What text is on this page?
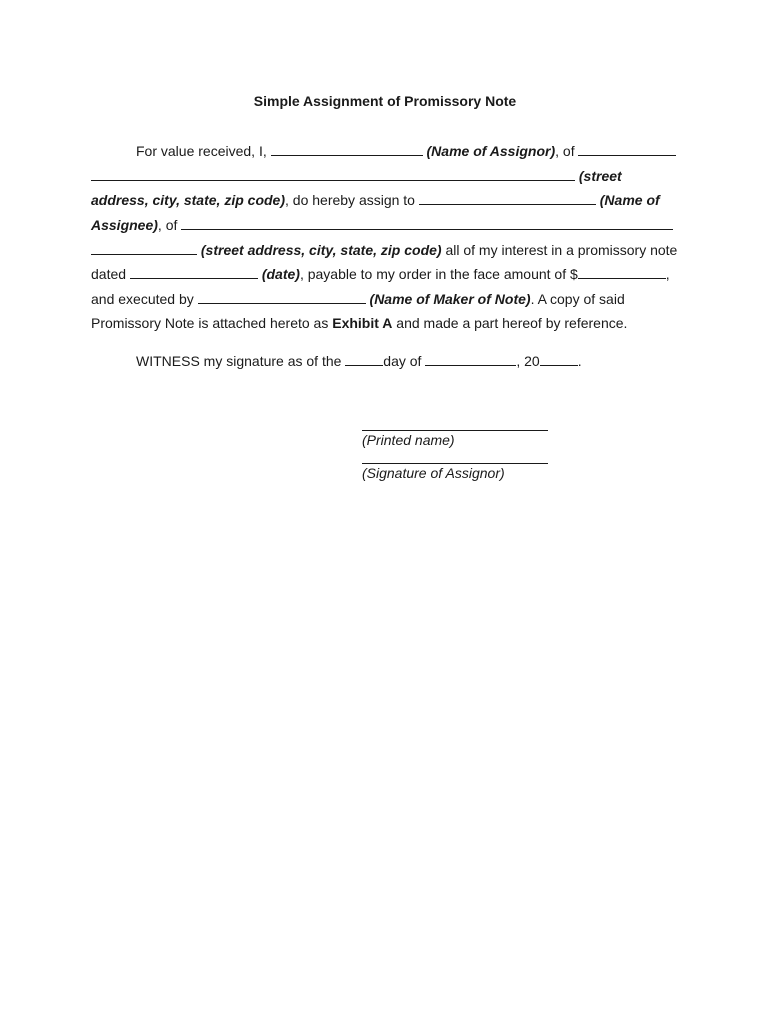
Simple Assignment of Promissory Note
For value received, I,	(Name of Assignor), of
(street
address, city, state, zip code), do hereby assign to	(Name of
Assignee), of
(street address, city, state, zip code) all of my interest in a promissory note
dated	(date), payable to my order in the face amount of $	,
and executed by	(Name of Maker of Note). A copy of said
Promissory Note is attached hereto as Exhibit A and made a part hereof by reference.
WITNESS my signature as of the	day of	, 20	.
(Printed name)
(Signature of Assignor)
